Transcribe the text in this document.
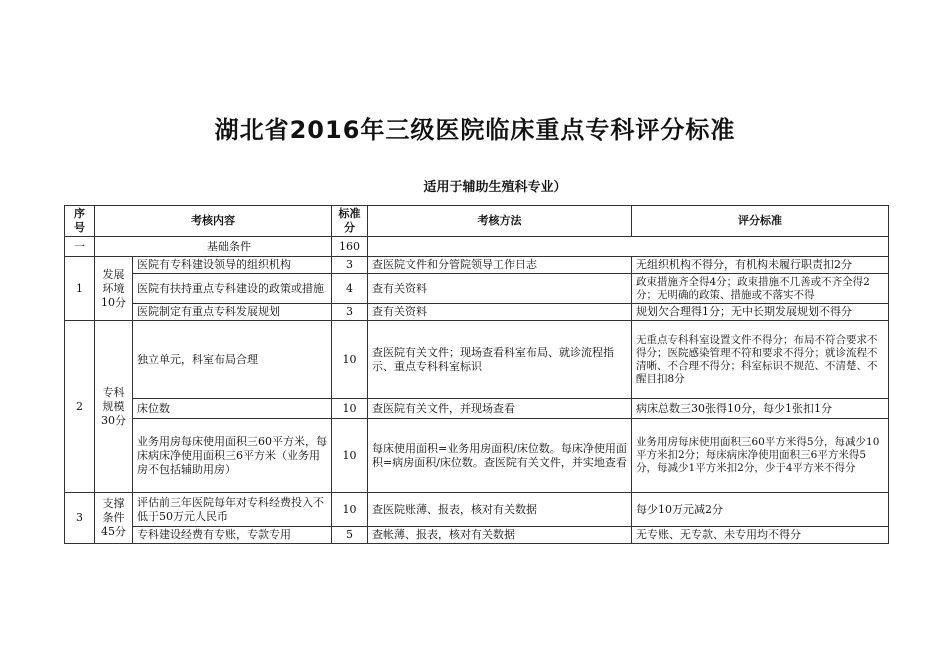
湖北省2016年三级医院临床重点专科评分标准
适用于辅助生殖科专业）
序号	考核内容		标准分	考核方法	评分标准
一	基础条件		160		
1	发展环境10分	医院有专科建设领导的组织机构	3	查医院文件和分管院领导工作日志	无组织机构不得分，有机构未履行职责扣2分
		医院有扶持重点专科建设的政策或措施	4	查有关资料	政束措施齐全得4分；政束措施不几善或不齐全得2分；无明确的政策、措施或不落实不得
		医院制定有重点专科发展规划	3	查有关资料	规划欠合理得1分；无中长期发展规划不得分
2	专科规模30分	独立单元，科室布局合理	10	查医院有关文件；现场查看科室布局、就诊流程指示、重点专科科室标识	无重点专科科室设置文件不得分；布局不符合要求不得分；医院感染管理不符和要求不得分；就诊流程不清晰、不合理不得分；科室标识不规范、不清楚、不醒目扣8分
		床位数	10	查医院有关文件，并现场查看	病床总数三30张得10分，每少1张扣1分
		业务用房每床使用面积三60平方米，每床病床净使用面积三6平方米（业务用房不包括辅助用房）	10	每床使用面积=业务用房面积/床位数。每床净使用面积=病房面积/床位数。查医院有关文件，并实地查看	业务用房每床使用面积三60平方米得5分，每减少10平方米扣2分；每床病床净使用面积三6平方米得5分，每减少1平方米扣2分，少于4平方米不得分
3	支撑条件45分	评估前三年医院每年对专科经费投入不低于50万元人民币	10	查医院账薄、报表，核对有关数据	每少10万元减2分
		专科建设经费有专账，专款专用	5	查帐薄、报表，核对有关数据	无专账、无专款、未专用均不得分
